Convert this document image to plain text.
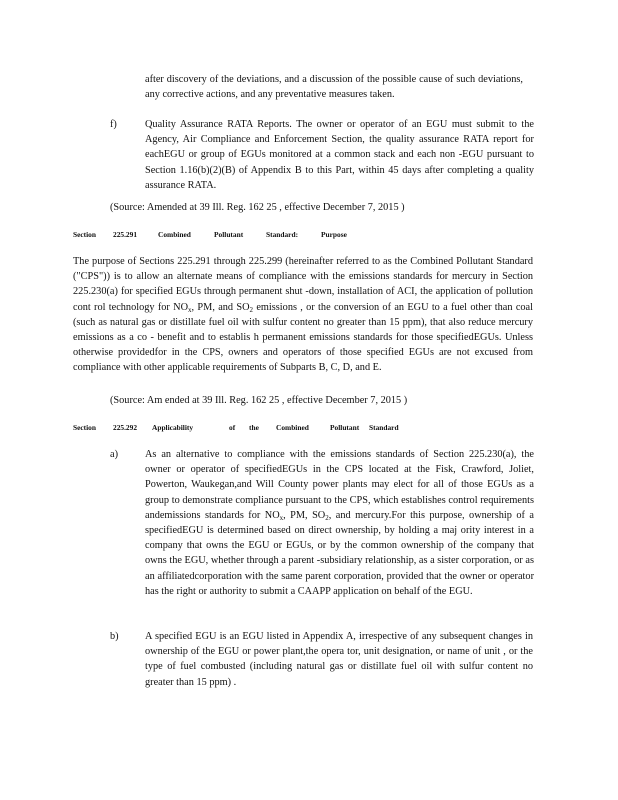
after discovery of the deviations, and a discussion of the possible cause of such deviations, any corrective actions, and any preventative measures taken.

f)	Quality Assurance RATA Reports. The owner or operator of an EGU must submit to the Agency, Air Compliance and Enforcement Section, the quality assurance RATA report for eachEGU or group of EGUs monitored at a common stack and each non -EGU pursuant to Section 1.16(b)(2)(B) of Appendix B to this Part, within 45 days after completing a quality assurance RATA.

(Source: Amended at 39 Ill. Reg. 162 25 , effective December 7, 2015 )
Section 225.291	Combined	Pollutant	Standard:	Purpose

The purpose of Sections 225.291 through 225.299 (hereinafter referred to as the Combined Pollutant Standard ("CPS")) is to allow an alternate means of compliance with the emissions standards for mercury in Section 225.230(a) for specified EGUs through permanent shut -down, installation of ACI, the application of pollution cont rol technology for $NO_x$, PM, and $SO_2$ emissions , or the conversion of an EGU to a fuel other than coal (such as natural gas or distillate fuel oil with sulfur content no greater than 15 ppm), that also reduce mercury emissions as a co - benefit and to establis h permanent emissions standards for those specifiedEGUs. Unless otherwise providedfor in the CPS, owners and operators of those specified EGUs are not excused from compliance with other applicable requirements of Subparts B, C, D, and E.

(Source: Am ended at 39 Ill. Reg. 162 25 , effective December 7, 2015 )
Section 225.292 Applicability	of the Combined	Pollutant Standard
a)	As an alternative to compliance with the emissions standards of Section 225.230(a), the owner or operator of specifiedEGUs in the CPS located at the Fisk, Crawford, Joliet, Powerton, Waukegan,and Will County power plants may elect for all of those EGUs as a group to demonstrate compliance pursuant to the CPS, which establishes control requirements andemissions standards for $NO_x$, PM, $SO_2$, and mercury.For this purpose, ownership of a specifiedEGU is determined based on direct ownership, by holding a maj ority interest in a company that owns the EGU or EGUs, or by the common ownership of the company that owns the EGU, whether through a parent -subsidiary relationship, as a sister corporation, or as an affiliatedcorporation with the same parent corporation, provided that the owner or operator has the right or authority to submit a CAAPP application on behalf of the EGU.

b)	A specified EGU is an EGU listed in Appendix A, irrespective of any subsequent changes in ownership of the EGU or power plant,the opera tor, unit designation, or name of unit , or the type of fuel combusted (including natural gas or distillate fuel oil with sulfur content no greater than 15 ppm) .
